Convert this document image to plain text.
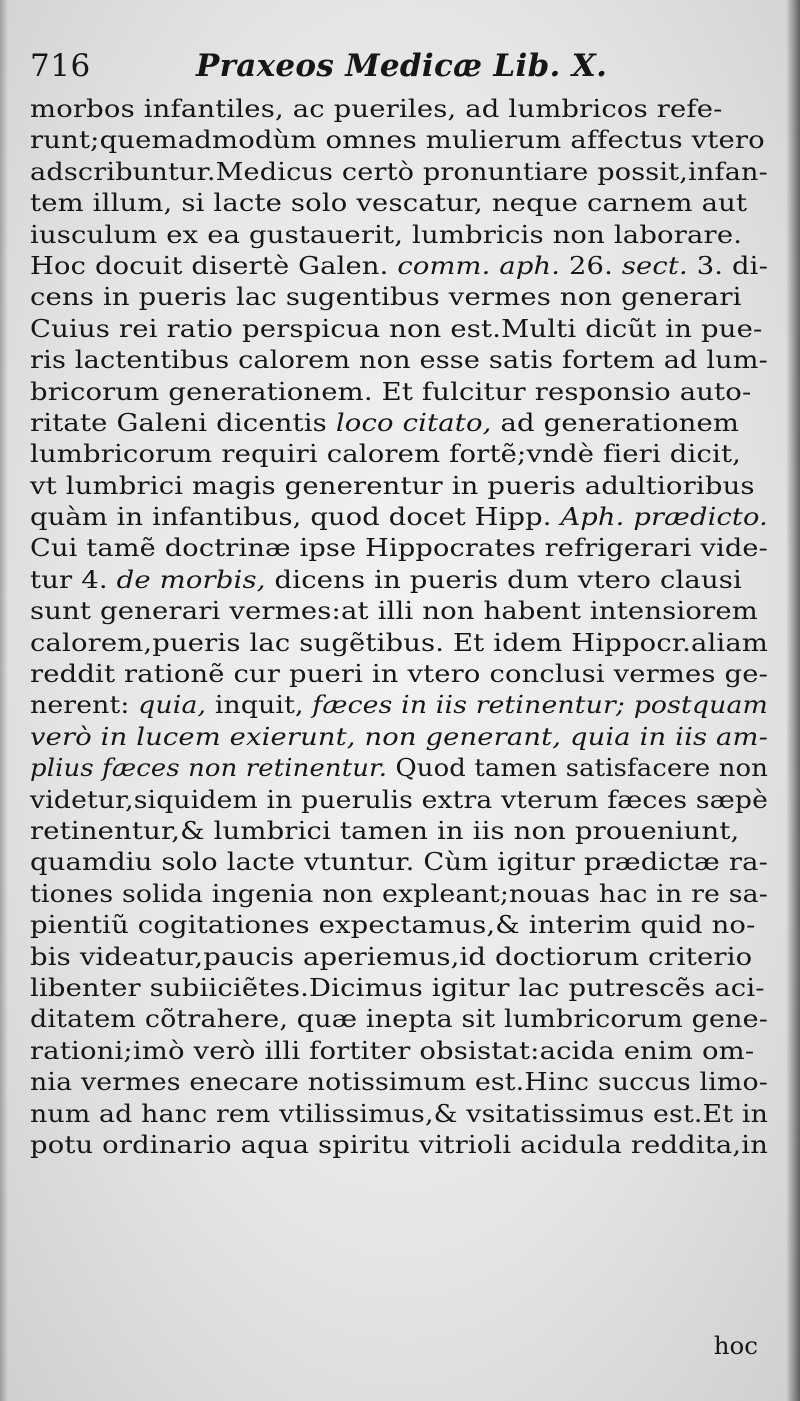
716	Praxeos Medicæ Lib. X.
morbos infantiles, ac pueriles, ad lumbricos refe-
runt;quemadmodùm omnes mulierum affectus vtero
adscribuntur.Medicus certò pronuntiare possit,infan-
tem illum, si lacte solo vescatur, neque carnem aut
iusculum ex ea gustauerit, lumbricis non laborare.
Hoc docuit disertè Galen. comm. aph. 26. sect. 3. di-
cens in pueris lac sugentibus vermes non generari
Cuius rei ratio perspicua non est.Multi dicũt in pue-
ris lactentibus calorem non esse satis fortem ad lum-
bricorum generationem. Et fulcitur responsio auto-
ritate Galeni dicentis loco citato, ad generationem
lumbricorum requiri calorem fortẽ;vndè fieri dicit,
vt lumbrici magis generentur in pueris adultioribus
quàm in infantibus, quod docet Hipp. Aph. prædicto.
Cui tamẽ doctrinæ ipse Hippocrates refrigerari vide-
tur 4. de morbis, dicens in pueris dum vtero clausi
sunt generari vermes:at illi non habent intensiorem
calorem,pueris lac sugẽtibus. Et idem Hippocr.aliam
reddit rationẽ cur pueri in vtero conclusi vermes ge-
nerent: quia, inquit, fæces in iis retinentur; postquam
verò in lucem exierunt, non generant, quia in iis am-
plius fæces non retinentur. Quod tamen satisfacere non
videtur,siquidem in puerulis extra vterum fæces sæpè
retinentur,& lumbrici tamen in iis non proueniunt,
quamdiu solo lacte vtuntur. Cùm igitur prædictæ ra-
tiones solida ingenia non expleant;nouas hac in re sa-
pientiũ cogitationes expectamus,& interim quid no-
bis videatur,paucis aperiemus,id doctiorum criterio
libenter subiiciẽtes.Dicimus igitur lac putrescẽs aci-
ditatem cõtrahere, quæ inepta sit lumbricorum gene-
rationi;imò verò illi fortiter obsistat:acida enim om-
nia vermes enecare notissimum est.Hinc succus limo-
num ad hanc rem vtilissimus,& vsitatissimus est.Et in
potu ordinario aqua spiritu vitrioli acidula reddita,in
hoc
